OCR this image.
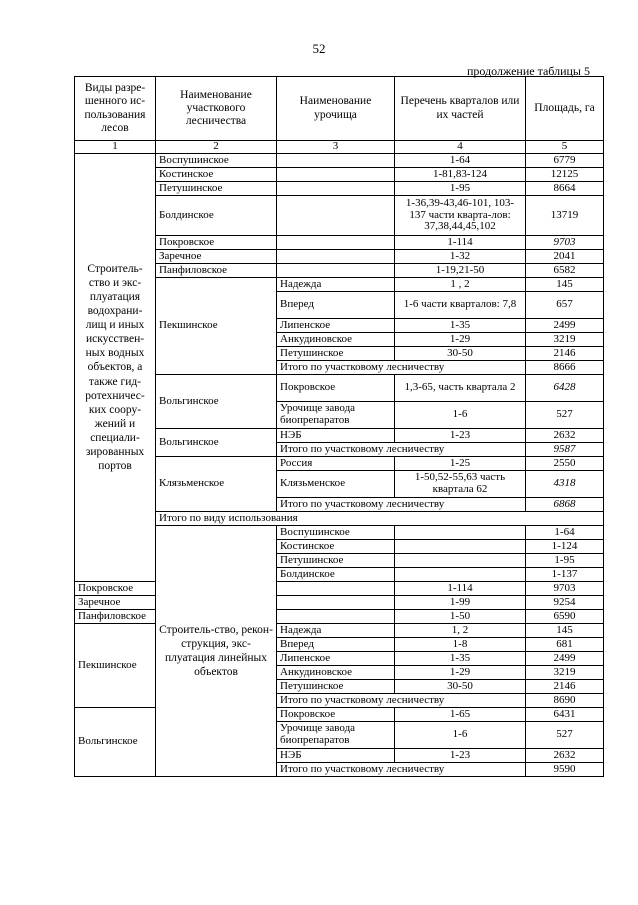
52
продолжение таблицы 5
Виды разре-шенного ис-пользования лесов	Наименование участкового лесничества	Наименование урочища	Перечень кварталов или их частей	Площадь, га	
1	2	3	4	5	
Строитель-ство и экс-плуатация водохрани-лищ и иных искусствен-ных водных объектов, а также гид-ротехничес-ких соору-жений и специали-зированных портов	Воспушинское		1-64	6779	
	Костинское		1-81,83-124	12125	
	Петушинское		1-95	8664	
	Болдинское		1-36,39-43,46-101, 103-137 части кварта-лов: 37,38,44,45,102	13719	
	Покровское		1-114	9703	
	Заречное		1-32	2041	
	Панфиловское		1-19,21-50	6582	
	Пекшинское	Надежда	1 , 2	145	
		Вперед	1-6 части кварталов: 7,8	657	
		Липенское	1-35	2499	
		Анкудиновское	1-29	3219	
		Петушинское	30-50	2146	
		Итого по участковому лесничеству		8666	
	Вольгинское	Покровское	1,3-65, часть квартала 2	6428	
		Урочище завода биопрепаратов	1-6	527	
	Вольгинское	НЭБ	1-23	2632	
		Итого по участковому лесничеству		9587	
	Клязьменское	Россия	1-25	2550	
		Клязьменское	1-50,52-55,63 часть квартала 62	4318	
		Итого по участковому лесничеству		6868	
	Итого по виду использования	
	Строитель-ство, рекон-струкция, экс-плуатация линейных объектов	Воспушинское		1-64	
		Костинское		1-124	
		Петушинское		1-95	
		Болдинское		1-137	
Покровское			1-114	9703	
Заречное			1-99	9254	
Панфиловское			1-50	6590	
Пекшинское		Надежда	1, 2	145	
		Вперед	1-8	681	
		Липенское	1-35	2499	
		Анкудиновское	1-29	3219	
		Петушинское	30-50	2146	
		Итого по участковому лесничеству		8690	
Вольгинское		Покровское	1-65	6431	
		Урочище завода биопрепаратов	1-6	527	
		НЭБ	1-23	2632	
		Итого по участковому лесничеству		9590	
